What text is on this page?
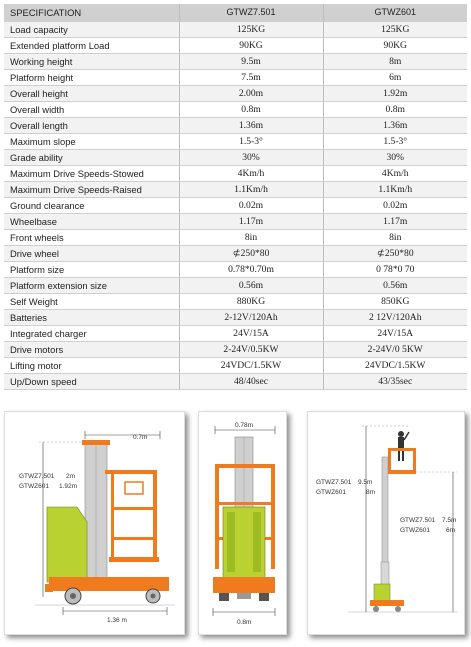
SPECIFICATION	GTWZ7.501	GTWZ601
Load capacity	125KG	125KG
Extended platform Load	90KG	90KG
Working height	9.5m	8m
Platform height	7.5m	6m
Overall height	2.00m	1.92m
Overall width	0.8m	0.8m
Overall length	1.36m	1.36m
Maximum slope	1.5-3°	1.5-3°
Grade ability	30%	30%
Maximum Drive Speeds-Stowed	4Km/h	4Km/h
Maximum Drive Speeds-Raised	1.1Km/h	1.1Km/h
Ground clearance	0.02m	0.02m
Wheelbase	1.17m	1.17m
Front wheels	8in	8in
Drive wheel	⊄250*80	⊄250*80
Platform size	0.78*0.70m	0 78*0 70
Platform extension size	0.56m	0.56m
Self Weight	880KG	850KG
Batteries	2-12V/120Ah	2 12V/120Ah
Integrated charger	24V/15A	24V/15A
Drive motors	2-24V/0.5KW	2-24V/0 5KW
Lifting motor	24VDC/1.5KW	24VDC/1.5KW
Up/Down speed	48/40sec	43/35sec
0.7m
GTWZ7.501 2m
GTWZ601 1.92m
1.36 m
0.78m
0.8m
GTWZ7.501 9.5m
GTWZ601	8m
GTWZ7.501 7.5m
GTWZ601 6m
